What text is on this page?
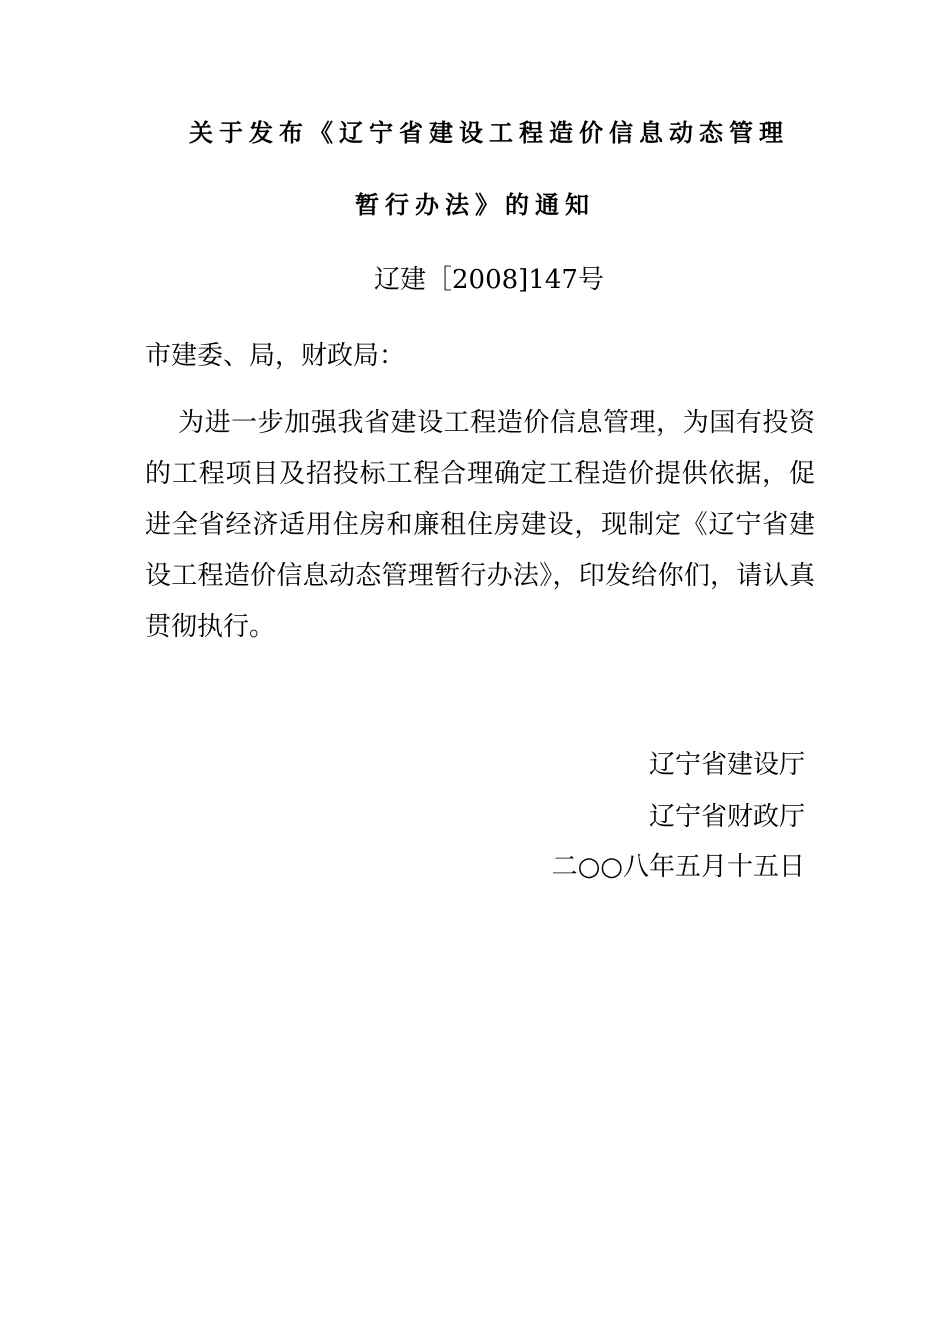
关于发布《辽宁省建设工程造价信息动态管理
暂行办法》的通知
辽建［2008]147号
市建委、局，财政局：
为进一步加强我省建设工程造价信息管理，为国有投资的工程项目及招投标工程合理确定工程造价提供依据，促进全省经济适用住房和廉租住房建设，现制定《辽宁省建设工程造价信息动态管理暂行办法》，印发给你们，请认真贯彻执行。
辽宁省建设厅
辽宁省财政厅
二○○八年五月十五日
